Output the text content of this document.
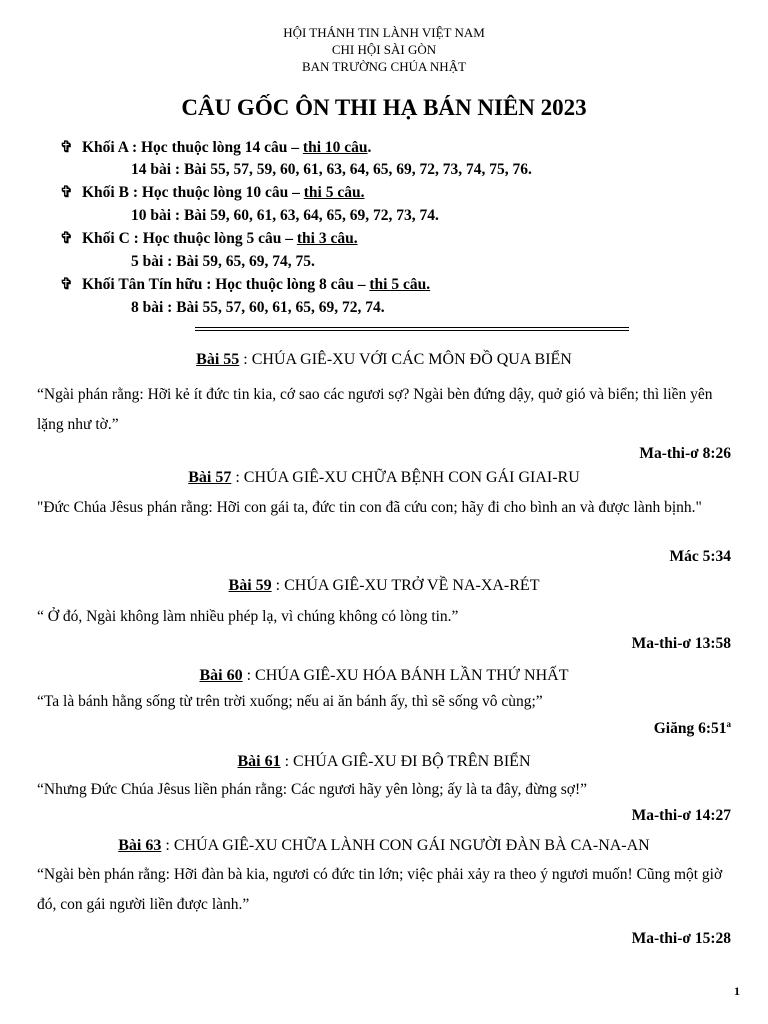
HỘI THÁNH TIN LÀNH VIỆT NAM
CHI HỘI SÀI GÒN
BAN TRƯỜNG CHÚA NHẬT
CÂU GỐC ÔN THI HẠ BÁN NIÊN 2023
✞ Khối A : Học thuộc lòng 14 câu – thi 10 câu.
14 bài : Bài 55, 57, 59, 60, 61, 63, 64, 65, 69, 72, 73, 74, 75, 76.
✞ Khối B : Học thuộc lòng 10 câu – thi 5 câu.
10 bài : Bài 59, 60, 61, 63, 64, 65, 69, 72, 73, 74.
✞ Khối C : Học thuộc lòng 5 câu – thi 3 câu.
5 bài : Bài 59, 65, 69, 74, 75.
✞ Khối Tân Tín hữu : Học thuộc lòng 8 câu – thi 5 câu.
8 bài : Bài 55, 57, 60, 61, 65, 69, 72, 74.
Bài 55 : CHÚA GIÊ-XU VỚI CÁC MÔN ĐỒ QUA BIỂN
“Ngài phán rằng: Hỡi kẻ ít đức tin kia, cớ sao các ngươi sợ? Ngài bèn đứng dậy, quở gió và biển; thì liền yên lặng như tờ.”
Ma-thi-ơ 8:26
Bài 57 : CHÚA GIÊ-XU CHỮA BỆNH CON GÁI GIAI-RU
"Đức Chúa Jêsus phán rằng: Hỡi con gái ta, đức tin con đã cứu con; hãy đi cho bình an và được lành bịnh."
Mác 5:34
Bài 59 : CHÚA GIÊ-XU TRỞ VỀ NA-XA-RÉT
“ Ở đó, Ngài không làm nhiều phép lạ, vì chúng không có lòng tin.”
Ma-thi-ơ 13:58
Bài 60 : CHÚA GIÊ-XU HÓA BÁNH LẦN THỨ NHẤT
“Ta là bánh hằng sống từ trên trời xuống; nếu ai ăn bánh ấy, thì sẽ sống vô cùng;”
Giăng 6:51$^a$
Bài 61 : CHÚA GIÊ-XU ĐI BỘ TRÊN BIỂN
“Nhưng Đức Chúa Jêsus liền phán rằng: Các ngươi hãy yên lòng; ấy là ta đây, đừng sợ!”
Ma-thi-ơ 14:27
Bài 63 : CHÚA GIÊ-XU CHỮA LÀNH CON GÁI NGƯỜI ĐÀN BÀ CA-NA-AN
“Ngài bèn phán rằng: Hỡi đàn bà kia, ngươi có đức tin lớn; việc phải xảy ra theo ý ngươi muốn! Cũng một giờ đó, con gái người liền được lành.”
Ma-thi-ơ 15:28
1
